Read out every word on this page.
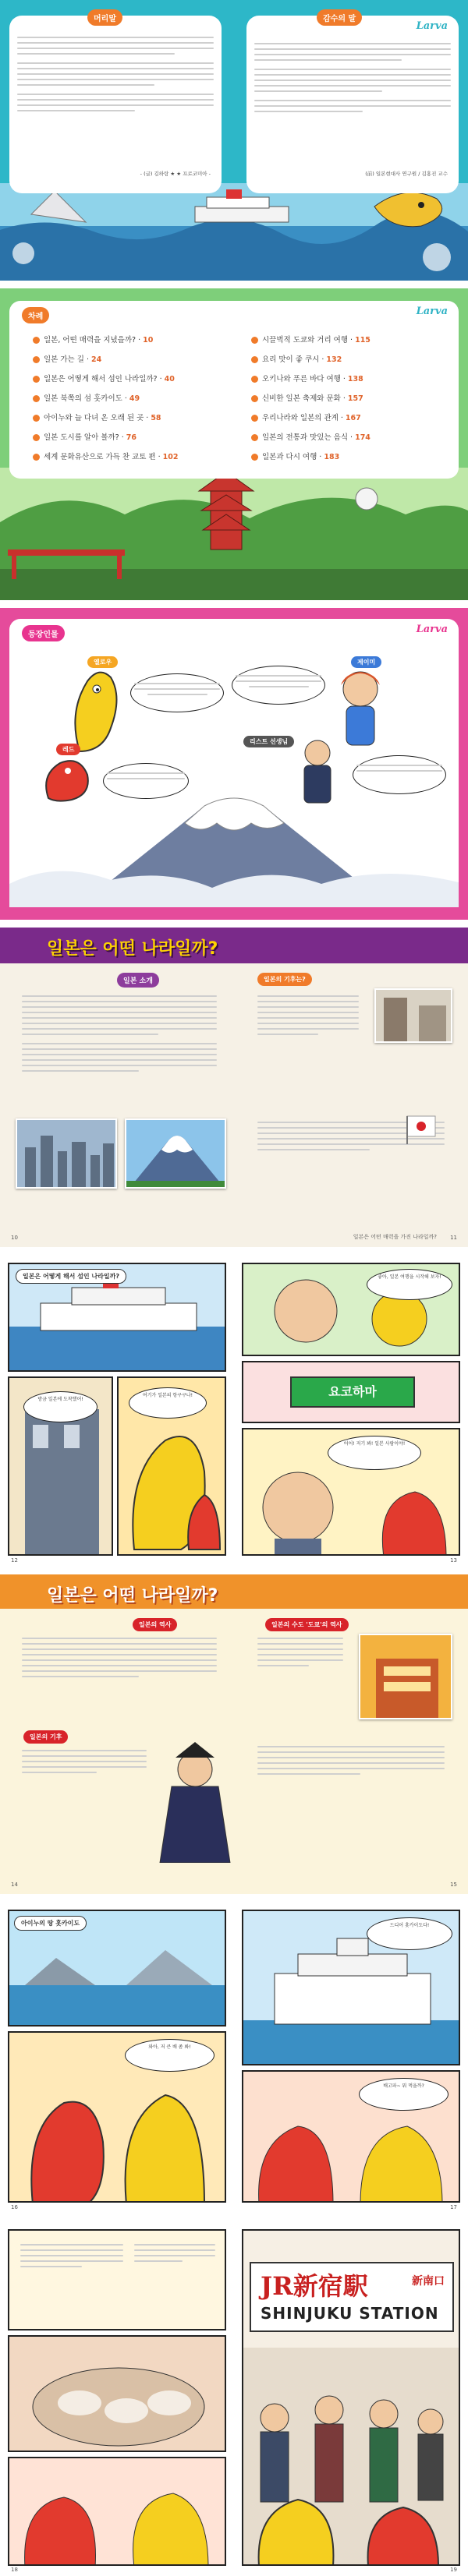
머리말
- (글) 김하랑 ★ ★ 프로코미아 -
Larva
감수의 말
(前) 일본현대사 연구원 / 김홍진 교수
차례	Larva
일본, 어떤 매력을 지녔을까? · 10
일본 가는 길 · 24
일본은 어떻게 해서 섬인 나라일까? · 40
일본 북쪽의 섬 홋카이도 · 49
아이누와 늘 다녀 온 오래 된 곳 · 58
일본 도시를 알아 볼까? · 76
세계 문화유산으로 가득 찬 교토 편 · 102
시끌벅적 도쿄와 거리 여행 · 115
요리 맛이 좋 쿠시 · 132
오키나와 푸른 바다 여행 · 138
신비한 일본 축제와 문화 · 157
우리나라와 일본의 관계 · 167
일본의 전통과 맛있는 음식 · 174
일본과 다시 여행 · 183
등장인물	Larva
옐로우
레드
제이미
리스트 선생님
일본은 어떤 나라일까?
일본 소개	일본의 기후는?
10	일본은 어떤 매력을 가진 나라일까? 11
일본은 어떻게 해서 섬인 나라일까?
방금 일본에 도착했어!
여기가 일본의 항구구나!
좋아, 일본 여행을 시작해 보자!
요코하마
어어! 저기 봐! 일본 사람이야!
12	13
일본은 어떤 나라일까?
일본의 역사
일본의 기후
일본의 수도 '도쿄'의 역사
14	15
아이누의 땅 홋카이도
와아, 저 큰 배 좀 봐!
드디어 홋카이도다!
배고파~ 뭐 먹을까?
16	17
JR新宿駅	新南口
SHINJUKU STATION
18	19
